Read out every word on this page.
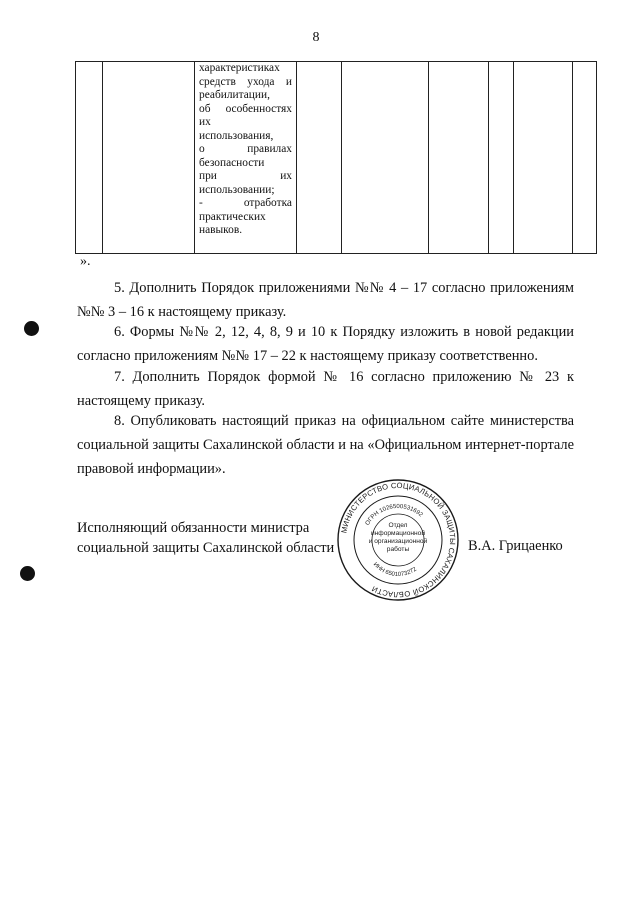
8

характеристиках
средств ухода и
реабилитации,
об особенностях
их
использования,
о правилах
безопасности
при их
использовании;
- отработка
практических
навыков.

».

5. Дополнить Порядок приложениями №№ 4 – 17 согласно приложениям №№ 3 – 16 к настоящему приказу.

6. Формы №№ 2, 12, 4, 8, 9 и 10 к Порядку изложить в новой редакции согласно приложениям №№ 17 – 22 к настоящему приказу соответственно.

7. Дополнить Порядок формой № 16 согласно приложению № 23 к настоящему приказу.

8. Опубликовать настоящий приказ на официальном сайте министерства социальной защиты Сахалинской области и на «Официальном интернет-портале правовой информации».

Исполняющий обязанности министра
социальной защиты Сахалинской области
МИНИСТЕРСТВО СОЦИАЛЬНОЙ ЗАЩИТЫ САХАЛИНСКОЙ ОБЛАСТИ
ОГРН 1026500531692
ИНН 6501073272
Отдел
информационной
и организационной
работы	В.А. Грицаенко
